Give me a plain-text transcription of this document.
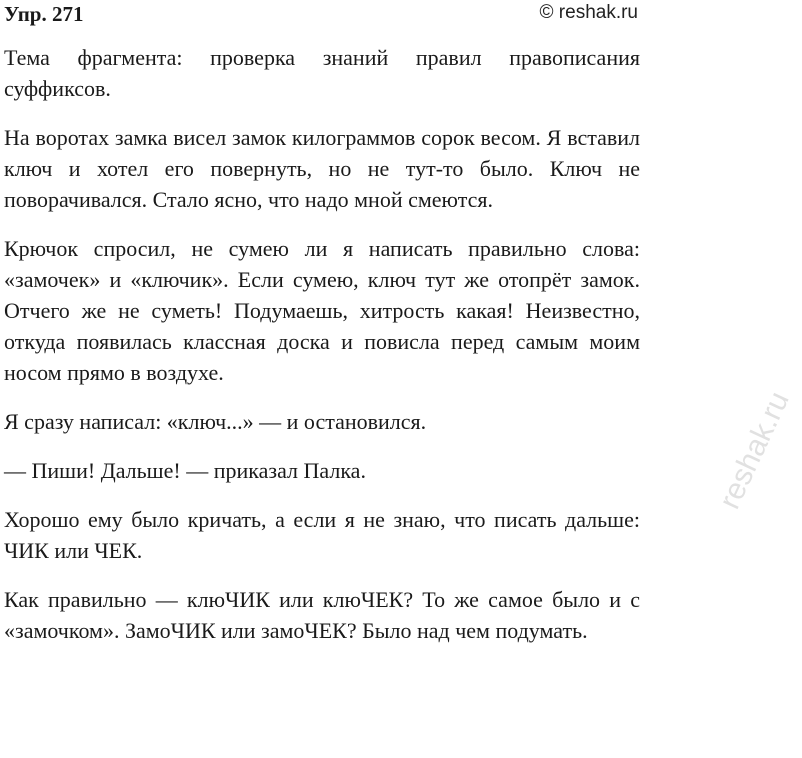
Упр. 271	© reshak.ru

Тема фрагмента: проверка знаний правил правописания суффиксов.

На воротах замка висел замок килограммов сорок весом. Я вставил ключ и хотел его повернуть, но не тут-то было. Ключ не поворачивался. Стало ясно, что надо мной смеются.

Крючок спросил, не сумею ли я написать правильно слова: «замочек» и «ключик». Если сумею, ключ тут же отопрёт замок. Отчего же не суметь! Подумаешь, хитрость какая! Неизвестно, откуда появилась классная доска и повисла перед самым моим носом прямо в воздухе.

Я сразу написал: «ключ...» — и остановился.

— Пиши! Дальше! — приказал Палка.

Хорошо ему было кричать, а если я не знаю, что писать дальше: ЧИК или ЧЕК.

Как правильно — клюЧИК или клюЧЕК? То же самое было и с «замочком». ЗамоЧИК или замоЧЕК? Было над чем подумать.

reshak.ru
